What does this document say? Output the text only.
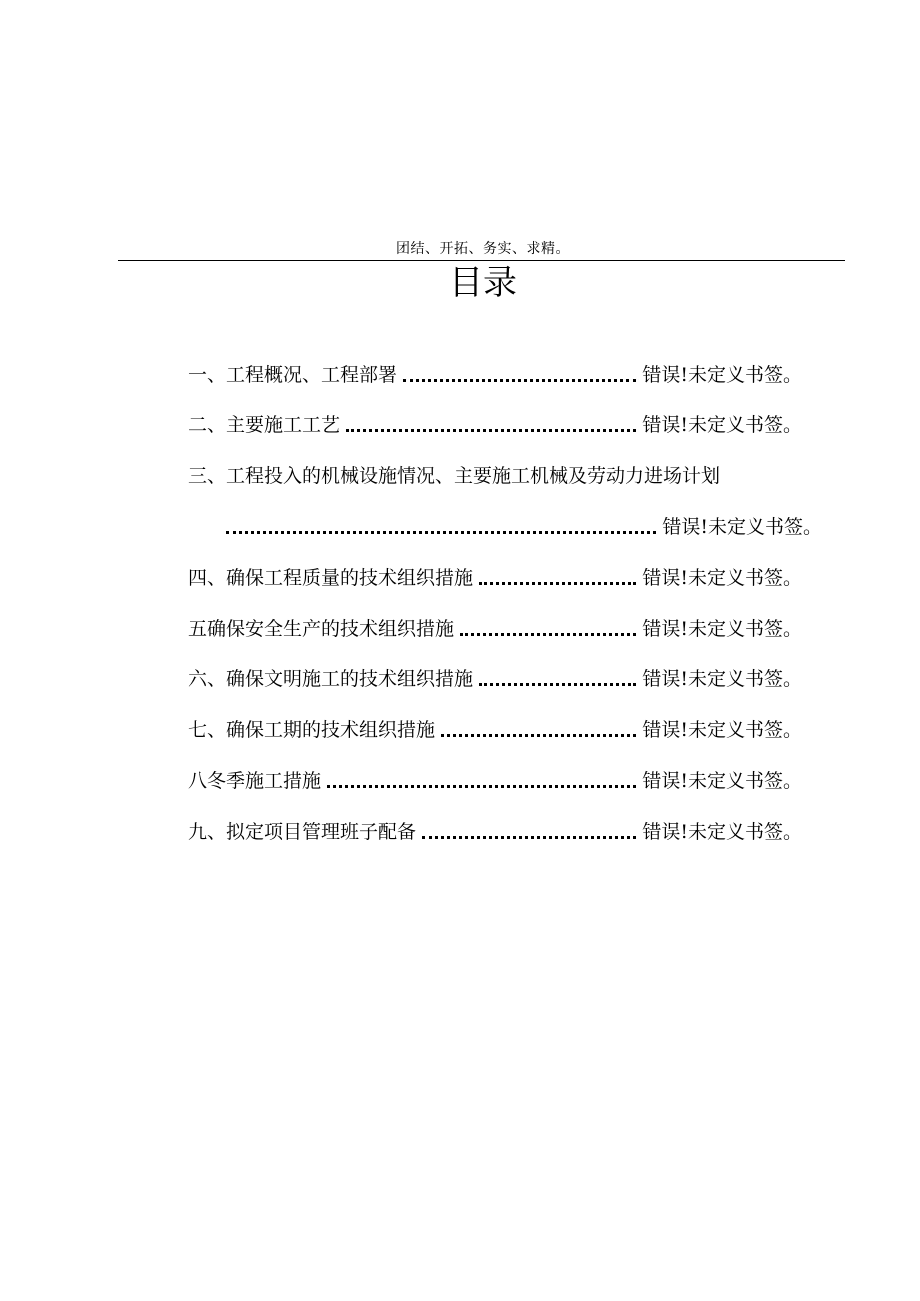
团结、开拓、务实、求精。
目录
一、工程概况、工程部署	错误!未定义书签。
二、主要施工工艺	错误!未定义书签。
三、工程投入的机械设施情况、主要施工机械及劳动力进场计划
错误!未定义书签。
四、确保工程质量的技术组织措施	错误!未定义书签。
五确保安全生产的技术组织措施	错误!未定义书签。
六、确保文明施工的技术组织措施	错误!未定义书签。
七、确保工期的技术组织措施	错误!未定义书签。
八冬季施工措施	错误!未定义书签。
九、拟定项目管理班子配备	错误!未定义书签。
